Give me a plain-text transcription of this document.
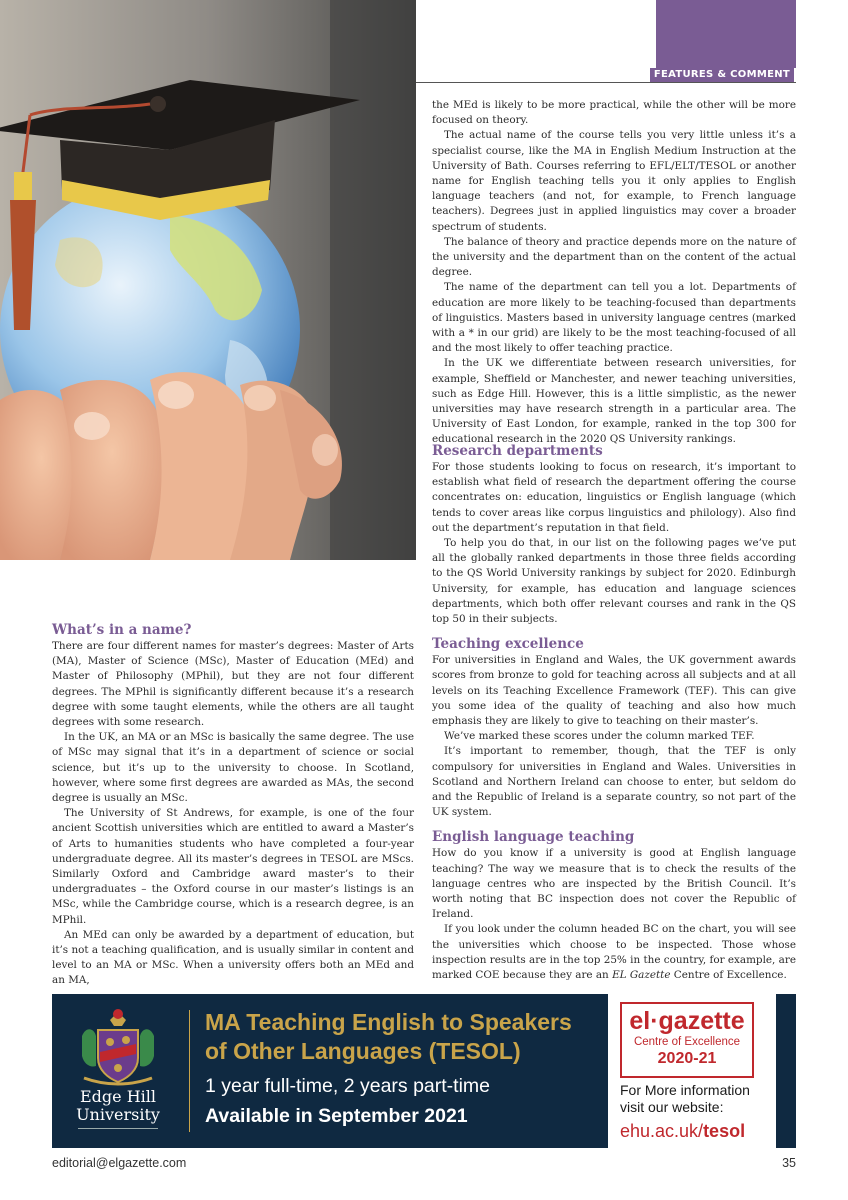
FEATURES & COMMENT

the MEd is likely to be more practical, while the other will be more focused on theory.

The actual name of the course tells you very little unless it’s a specialist course, like the MA in English Medium Instruction at the University of Bath. Courses referring to EFL/ELT/TESOL or another name for English teaching tells you it only applies to English language teachers (and not, for example, to French language teachers). Degrees just in applied linguistics may cover a broader spectrum of students.

The balance of theory and practice depends more on the nature of the university and the department than on the content of the actual degree.

The name of the department can tell you a lot. Departments of education are more likely to be teaching-focused than departments of linguistics. Masters based in university language centres (marked with a * in our grid) are likely to be the most teaching-focused of all and the most likely to offer teaching practice.

In the UK we differentiate between research universities, for example, Sheffield or Manchester, and newer teaching universities, such as Edge Hill. However, this is a little simplistic, as the newer universities may have research strength in a particular area. The University of East London, for example, ranked in the top 300 for educational research in the 2020 QS University rankings.

Research departments

For those students looking to focus on research, it’s important to establish what field of research the department offering the course concentrates on: education, linguistics or English language (which tends to cover areas like corpus linguistics and philology). Also find out the department’s reputation in that field.

To help you do that, in our list on the following pages we’ve put all the globally ranked departments in those three fields according to the QS World University rankings by subject for 2020. Edinburgh University, for example, has education and language sciences departments, which both offer relevant courses and rank in the QS top 50 in their subjects.

Teaching excellence

For universities in England and Wales, the UK government awards scores from bronze to gold for teaching across all subjects and at all levels on its Teaching Excellence Framework (TEF). This can give you some idea of the quality of teaching and also how much emphasis they are likely to give to teaching on their master’s.

We’ve marked these scores under the column marked TEF.

It’s important to remember, though, that the TEF is only compulsory for universities in England and Wales. Universities in Scotland and Northern Ireland can choose to enter, but seldom do and the Republic of Ireland is a separate country, so not part of the UK system.

English language teaching

How do you know if a university is good at English language teaching? The way we measure that is to check the results of the language centres who are inspected by the British Council. It’s worth noting that BC inspection does not cover the Republic of Ireland.

If you look under the column headed BC on the chart, you will see the universities which choose to be inspected. Those whose inspection results are in the top 25% in the country, for example, are marked COE because they are an EL Gazette Centre of Excellence.

What’s in a name?

There are four different names for master’s degrees: Master of Arts (MA), Master of Science (MSc), Master of Education (MEd) and Master of Philosophy (MPhil), but they are not four different degrees. The MPhil is significantly different because it’s a research degree with some taught elements, while the others are all taught degrees with some research.

In the UK, an MA or an MSc is basically the same degree. The use of MSc may signal that it’s in a department of science or social science, but it’s up to the university to choose. In Scotland, however, where some first degrees are awarded as MAs, the second degree is usually an MSc.

The University of St Andrews, for example, is one of the four ancient Scottish universities which are entitled to award a Master’s of Arts to humanities students who have completed a four-year undergraduate degree. All its master’s degrees in TESOL are MScs. Similarly Oxford and Cambridge award master’s to their undergraduates – the Oxford course in our master’s listings is an MSc, while the Cambridge course, which is a research degree, is an MPhil.

An MEd can only be awarded by a department of education, but it’s not a teaching qualification, and is usually similar in content and level to an MA or MSc. When a university offers both an MEd and an MA,

Edge Hill
University
MA Teaching English to Speakers
of Other Languages (TESOL)
1 year full-time, 2 years part-time
Available in September 2021
el·gazette
Centre of Excellence
2020-21
For More information
visit our website:
ehu.ac.uk/tesol
editorial@elgazette.com	35
